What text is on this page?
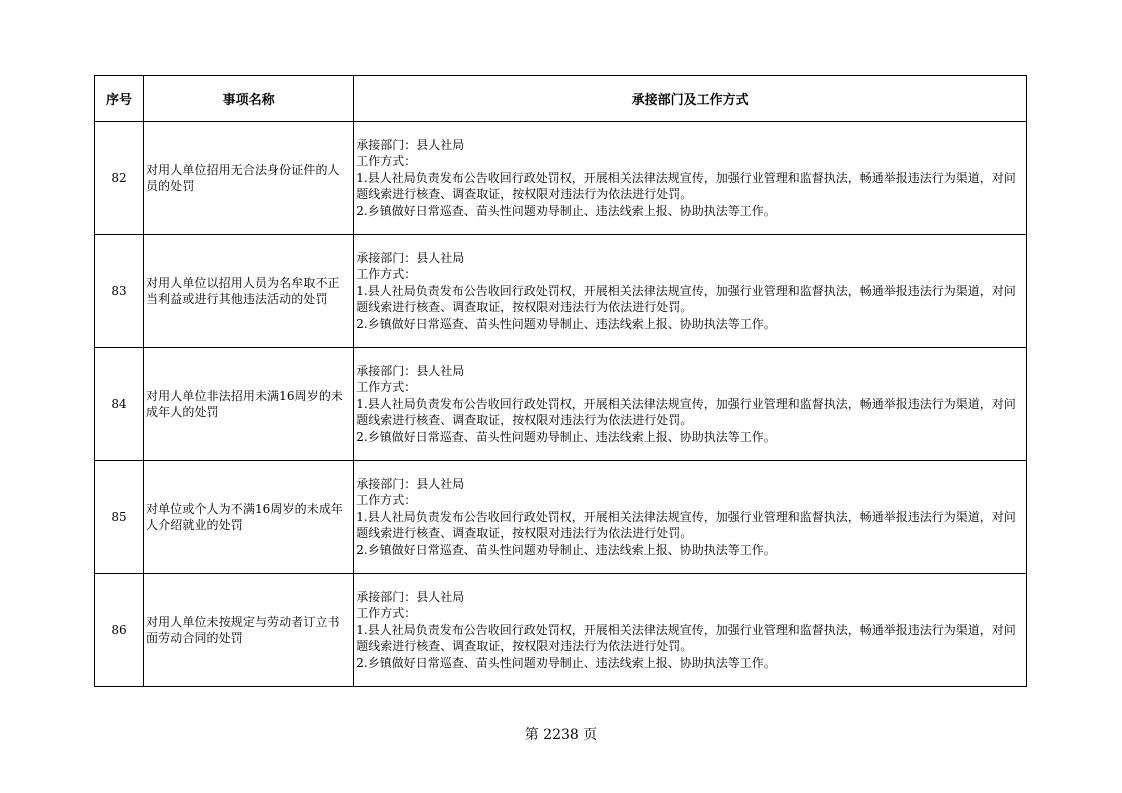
序号	事项名称	承接部门及工作方式
82	对用人单位招用无合法身份证件的人员的处罚	承接部门：县人社局
工作方式：
1.县人社局负责发布公告收回行政处罚权，开展相关法律法规宣传，加强行业管理和监督执法，畅通举报违法行为渠道，对问题线索进行核查、调查取证，按权限对违法行为依法进行处罚。
2.乡镇做好日常巡查、苗头性问题劝导制止、违法线索上报、协助执法等工作。

83	对用人单位以招用人员为名牟取不正当利益或进行其他违法活动的处罚	承接部门：县人社局
工作方式：
1.县人社局负责发布公告收回行政处罚权，开展相关法律法规宣传，加强行业管理和监督执法，畅通举报违法行为渠道，对问题线索进行核查、调查取证，按权限对违法行为依法进行处罚。
2.乡镇做好日常巡查、苗头性问题劝导制止、违法线索上报、协助执法等工作。

84	对用人单位非法招用未满16周岁的未成年人的处罚	承接部门：县人社局
工作方式：
1.县人社局负责发布公告收回行政处罚权，开展相关法律法规宣传，加强行业管理和监督执法，畅通举报违法行为渠道，对问题线索进行核查、调查取证，按权限对违法行为依法进行处罚。
2.乡镇做好日常巡查、苗头性问题劝导制止、违法线索上报、协助执法等工作。

85	对单位或个人为不满16周岁的未成年人介绍就业的处罚	承接部门：县人社局
工作方式：
1.县人社局负责发布公告收回行政处罚权，开展相关法律法规宣传，加强行业管理和监督执法，畅通举报违法行为渠道，对问题线索进行核查、调查取证，按权限对违法行为依法进行处罚。
2.乡镇做好日常巡查、苗头性问题劝导制止、违法线索上报、协助执法等工作。

86	对用人单位未按规定与劳动者订立书面劳动合同的处罚	承接部门：县人社局
工作方式：
1.县人社局负责发布公告收回行政处罚权，开展相关法律法规宣传，加强行业管理和监督执法，畅通举报违法行为渠道，对问题线索进行核查、调查取证，按权限对违法行为依法进行处罚。
2.乡镇做好日常巡查、苗头性问题劝导制止、违法线索上报、协助执法等工作。
第 2238 页
